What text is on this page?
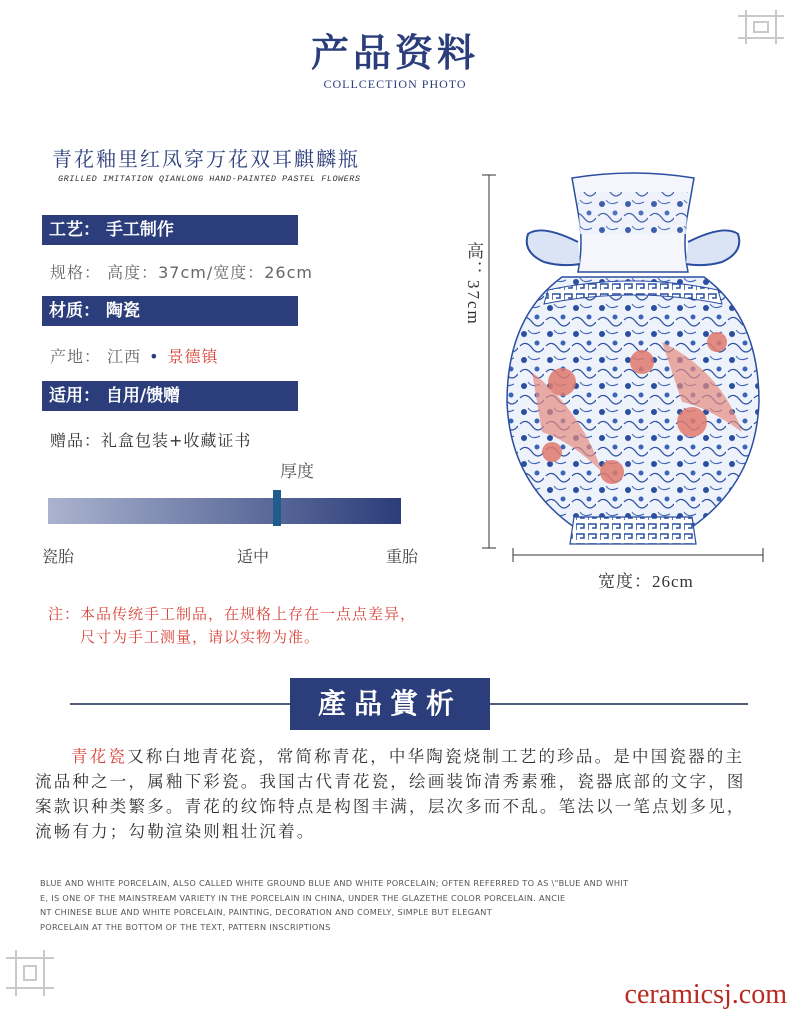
产品资料
COLLCECTION PHOTO
青花釉里红凤穿万花双耳麒麟瓶
GRILLED IMITATION QIANLONG HAND-PAINTED PASTEL FLOWERS
工艺： 手工制作
规格： 高度：37cm/宽度：26cm
材质： 陶瓷
产地： 江西 • 景德镇
适用： 自用/馈赠
赠品：礼盒包装+收藏证书
厚度
瓷胎	适中	重胎
注：本品传统手工制品，在规格上存在一点点差异，
尺寸为手工测量，请以实物为准。
高：37cm
宽度：26cm
產品賞析
青花瓷又称白地青花瓷，常简称青花，中华陶瓷烧制工艺的珍品。是中国瓷器的主流品种之一，属釉下彩瓷。我国古代青花瓷，绘画装饰清秀素雅，瓷器底部的文字，图案款识种类繁多。青花的纹饰特点是构图丰满，层次多而不乱。笔法以一笔点划多见，流畅有力；勾勒渲染则粗壮沉着。
BLUE AND WHITE PORCELAIN, ALSO CALLED WHITE GROUND BLUE AND WHITE PORCELAIN; OFTEN REFERRED TO AS \"BLUE AND WHIT
E, IS ONE OF THE MAINSTREAM VARIETY IN THE PORCELAIN IN CHINA, UNDER THE GLAZETHE COLOR PORCELAIN. ANCIE
NT CHINESE BLUE AND WHITE PORCELAIN, PAINTING, DECORATION AND COMELY, SIMPLE BUT ELEGANT
PORCELAIN AT THE BOTTOM OF THE TEXT, PATTERN INSCRIPTIONS
ceramicsj.com
